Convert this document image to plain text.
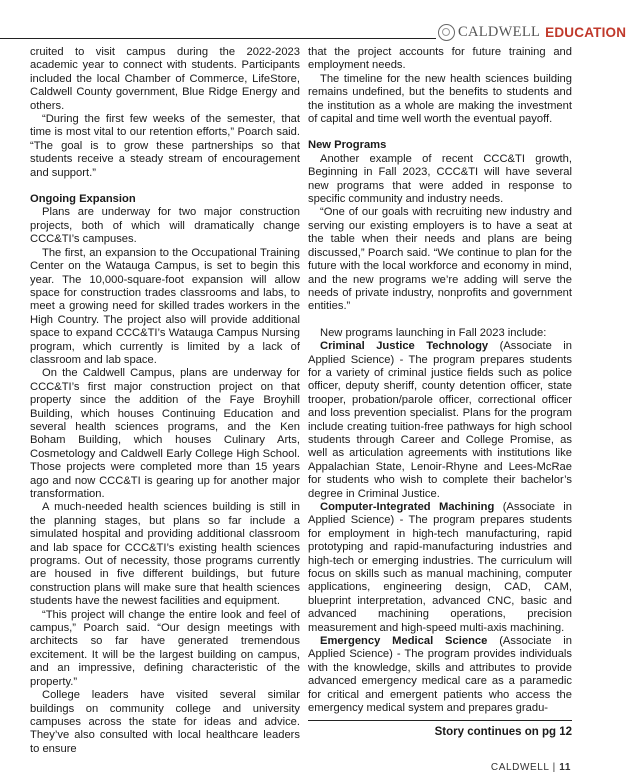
CALDWELL EDUCATION

cruited to visit campus during the 2022-2023 academic year to connect with students. Participants included the local Chamber of Commerce, LifeStore, Caldwell County government, Blue Ridge Energy and others.

“During the first few weeks of the semester, that time is most vital to our retention efforts,” Poarch said. “The goal is to grow these partnerships so that students receive a steady stream of encouragement and support.”

Ongoing Expansion

Plans are underway for two major construction projects, both of which will dramatically change CCC&TI’s campuses.

The first, an expansion to the Occupational Training Center on the Watauga Campus, is set to begin this year. The 10,000-square-foot expansion will allow space for construction trades classrooms and labs, to meet a growing need for skilled trades workers in the High Country. The project also will provide additional space to expand CCC&TI’s Watauga Campus Nursing program, which currently is limited by a lack of classroom and lab space.

On the Caldwell Campus, plans are underway for CCC&TI’s first major construction project on that property since the addition of the Faye Broyhill Building, which houses Continuing Education and several health sciences programs, and the Ken Boham Building, which houses Culinary Arts, Cosmetology and Caldwell Early College High School. Those projects were completed more than 15 years ago and now CCC&TI is gearing up for another major transformation.

A much-needed health sciences building is still in the planning stages, but plans so far include a simulated hospital and providing additional classroom and lab space for CCC&TI’s existing health sciences programs. Out of necessity, those programs currently are housed in five different buildings, but future construction plans will make sure that health sciences students have the newest facilities and equipment.

“This project will change the entire look and feel of campus,” Poarch said. “Our design meetings with architects so far have generated tremendous excitement. It will be the largest building on campus, and an impressive, defining characteristic of the property.”

College leaders have visited several similar buildings on community college and university campuses across the state for ideas and advice. They’ve also consulted with local healthcare leaders to ensure

that the project accounts for future training and employment needs.

The timeline for the new health sciences building remains undefined, but the benefits to students and the institution as a whole are making the investment of capital and time well worth the eventual payoff.

New Programs

Another example of recent CCC&TI growth, Beginning in Fall 2023, CCC&TI will have several new programs that were added in response to specific community and industry needs.

“One of our goals with recruiting new industry and serving our existing employers is to have a seat at the table when their needs and plans are being discussed,” Poarch said. “We continue to plan for the future with the local workforce and economy in mind, and the new programs we’re adding will serve the needs of private industry, nonprofits and government entities.”

New programs launching in Fall 2023 include:

Criminal Justice Technology (Associate in Applied Science) - The program prepares students for a variety of criminal justice fields such as police officer, deputy sheriff, county detention officer, state trooper, probation/parole officer, correctional officer and loss prevention specialist. Plans for the program include creating tuition-free pathways for high school students through Career and College Promise, as well as articulation agreements with institutions like Appalachian State, Lenoir-Rhyne and Lees-McRae for students who wish to complete their bachelor’s degree in Criminal Justice.

Computer-Integrated Machining (Associate in Applied Science) - The program prepares students for employment in high-tech manufacturing, rapid prototyping and rapid-manufacturing industries and high-tech or emerging industries. The curriculum will focus on skills such as manual machining, computer applications, engineering design, CAD, CAM, blueprint interpretation, advanced CNC, basic and advanced machining operations, precision measurement and high-speed multi-axis machining.

Emergency Medical Science (Associate in Applied Science) - The program provides individuals with the knowledge, skills and attributes to provide advanced emergency medical care as a paramedic for critical and emergent patients who access the emergency medical system and prepares gradu-

Story continues on pg 12
CALDWELL | 11
